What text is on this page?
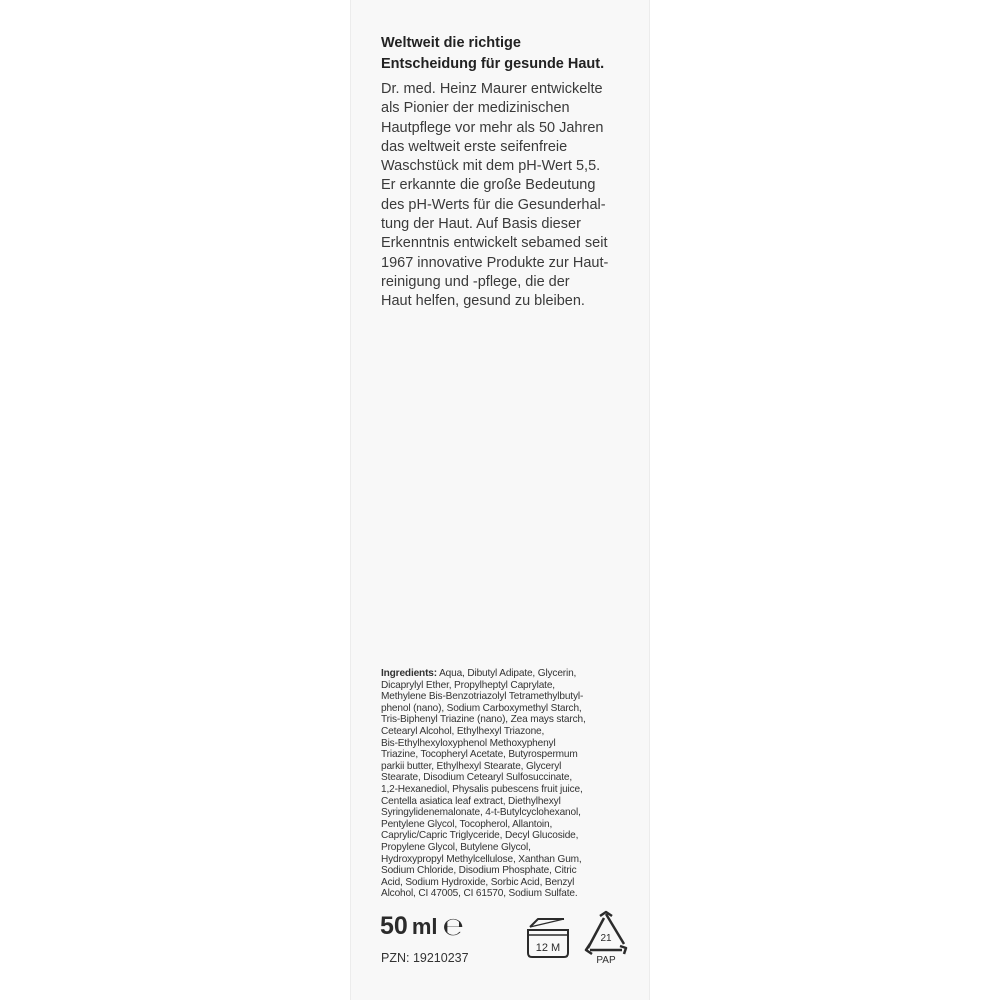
Weltweit die richtige
Entscheidung für gesunde Haut.
Dr. med. Heinz Maurer entwickelte
als Pionier der medizinischen
Hautpflege vor mehr als 50 Jahren
das weltweit erste seifenfreie
Waschstück mit dem pH-Wert 5,5.
Er erkannte die große Bedeutung
des pH-Werts für die Gesunderhal-
tung der Haut. Auf Basis dieser
Erkenntnis entwickelt sebamed seit
1967 innovative Produkte zur Haut-
reinigung und -pflege, die der
Haut helfen, gesund zu bleiben.
Ingredients: Aqua, Dibutyl Adipate, Glycerin,
Dicaprylyl Ether, Propylheptyl Caprylate,
Methylene Bis-Benzotriazolyl Tetramethylbutyl-
phenol (nano), Sodium Carboxymethyl Starch,
Tris-Biphenyl Triazine (nano), Zea mays starch,
Cetearyl Alcohol, Ethylhexyl Triazone,
Bis-Ethylhexyloxyphenol Methoxyphenyl
Triazine, Tocopheryl Acetate, Butyrospermum
parkii butter, Ethylhexyl Stearate, Glyceryl
Stearate, Disodium Cetearyl Sulfosuccinate,
1,2-Hexanediol, Physalis pubescens fruit juice,
Centella asiatica leaf extract, Diethylhexyl
Syringylidenemalonate, 4-t-Butylcyclohexanol,
Pentylene Glycol, Tocopherol, Allantoin,
Caprylic/Capric Triglyceride, Decyl Glucoside,
Propylene Glycol, Butylene Glycol,
Hydroxypropyl Methylcellulose, Xanthan Gum,
Sodium Chloride, Disodium Phosphate, Citric
Acid, Sodium Hydroxide, Sorbic Acid, Benzyl
Alcohol, CI 47005, CI 61570, Sodium Sulfate.
50 ml ℮
12 M
21
PAP
PZN: 19210237
